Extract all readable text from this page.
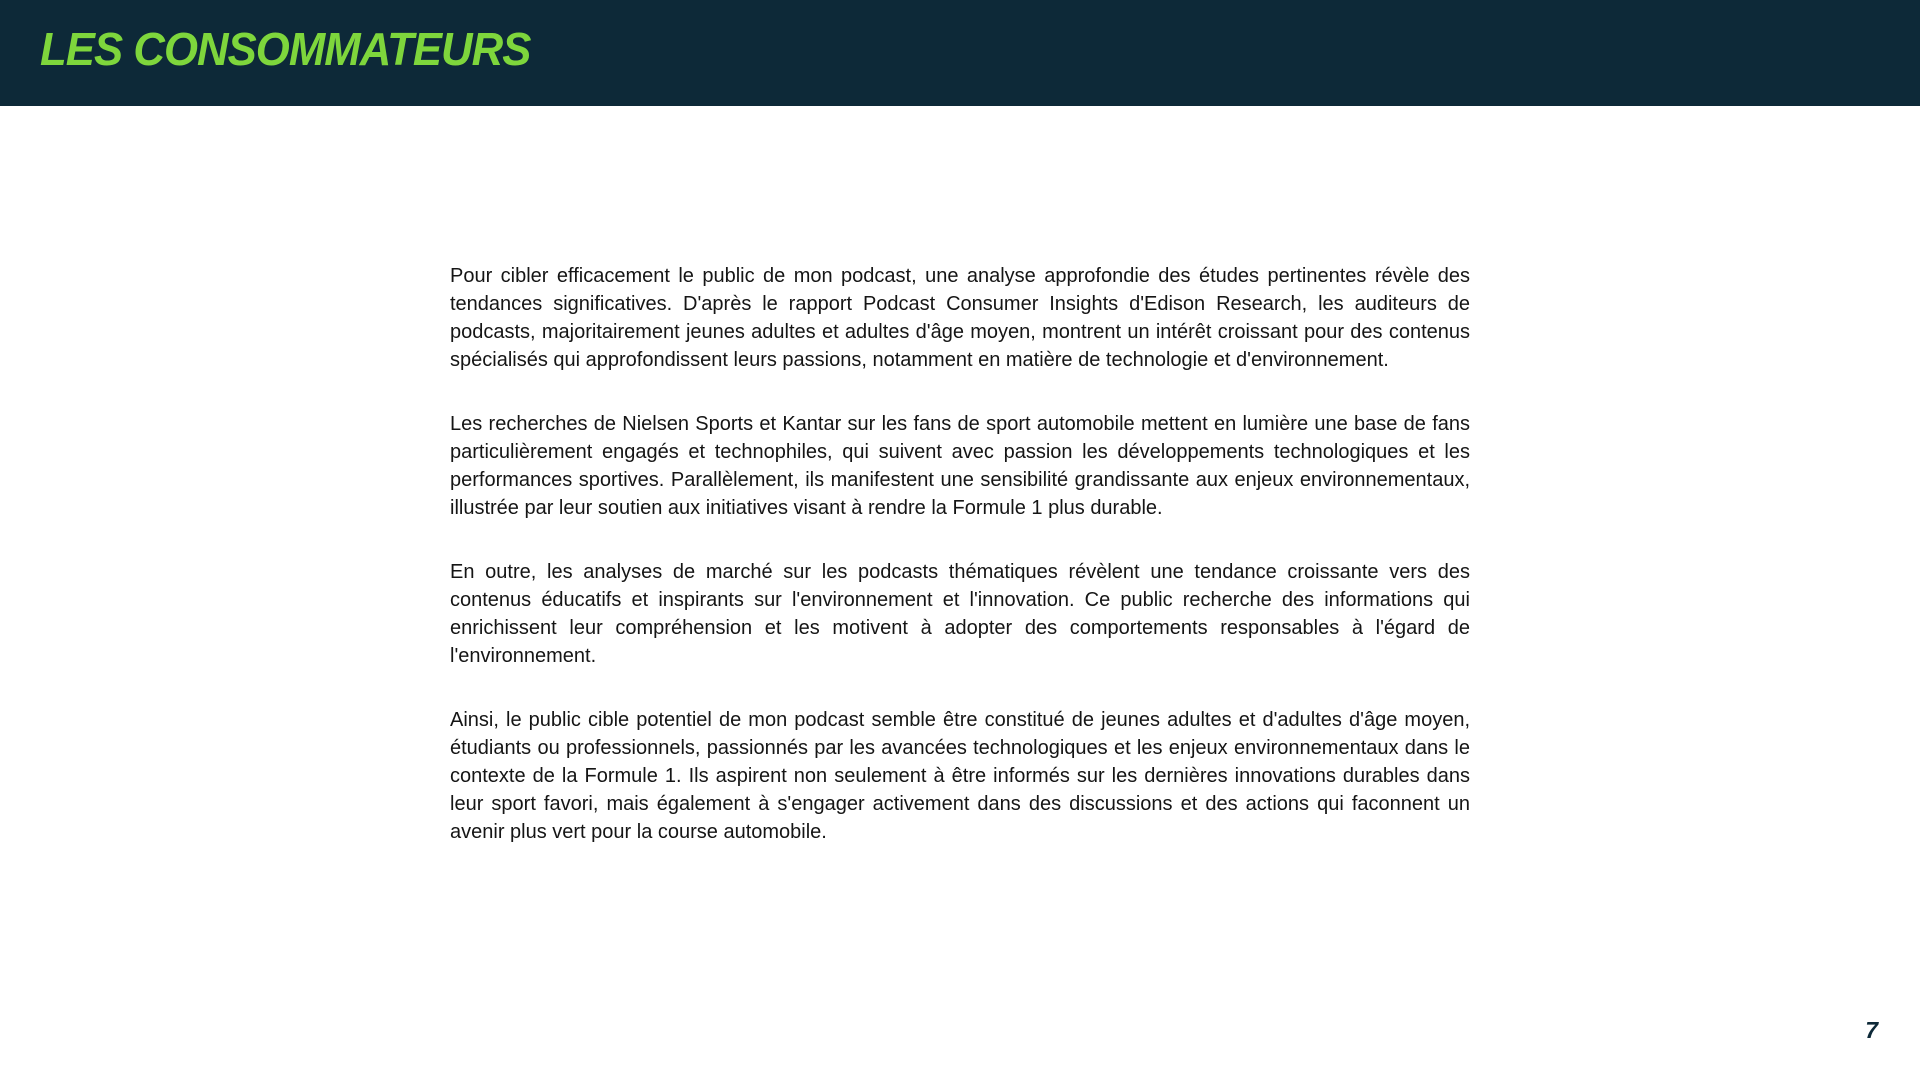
LES CONSOMMATEURS

Pour cibler efficacement le public de mon podcast, une analyse approfondie des études pertinentes révèle des tendances significatives. D'après le rapport Podcast Consumer Insights d'Edison Research, les auditeurs de podcasts, majoritairement jeunes adultes et adultes d'âge moyen, montrent un intérêt croissant pour des contenus spécialisés qui approfondissent leurs passions, notamment en matière de technologie et d'environnement.

Les recherches de Nielsen Sports et Kantar sur les fans de sport automobile mettent en lumière une base de fans particulièrement engagés et technophiles, qui suivent avec passion les développements technologiques et les performances sportives. Parallèlement, ils manifestent une sensibilité grandissante aux enjeux environnementaux, illustrée par leur soutien aux initiatives visant à rendre la Formule 1 plus durable.

En outre, les analyses de marché sur les podcasts thématiques révèlent une tendance croissante vers des contenus éducatifs et inspirants sur l'environnement et l'innovation. Ce public recherche des informations qui enrichissent leur compréhension et les motivent à adopter des comportements responsables à l'égard de l'environnement.

Ainsi, le public cible potentiel de mon podcast semble être constitué de jeunes adultes et d'adultes d'âge moyen, étudiants ou professionnels, passionnés par les avancées technologiques et les enjeux environnementaux dans le contexte de la Formule 1. Ils aspirent non seulement à être informés sur les dernières innovations durables dans leur sport favori, mais également à s'engager activement dans des discussions et des actions qui faconnent un avenir plus vert pour la course automobile.

7
